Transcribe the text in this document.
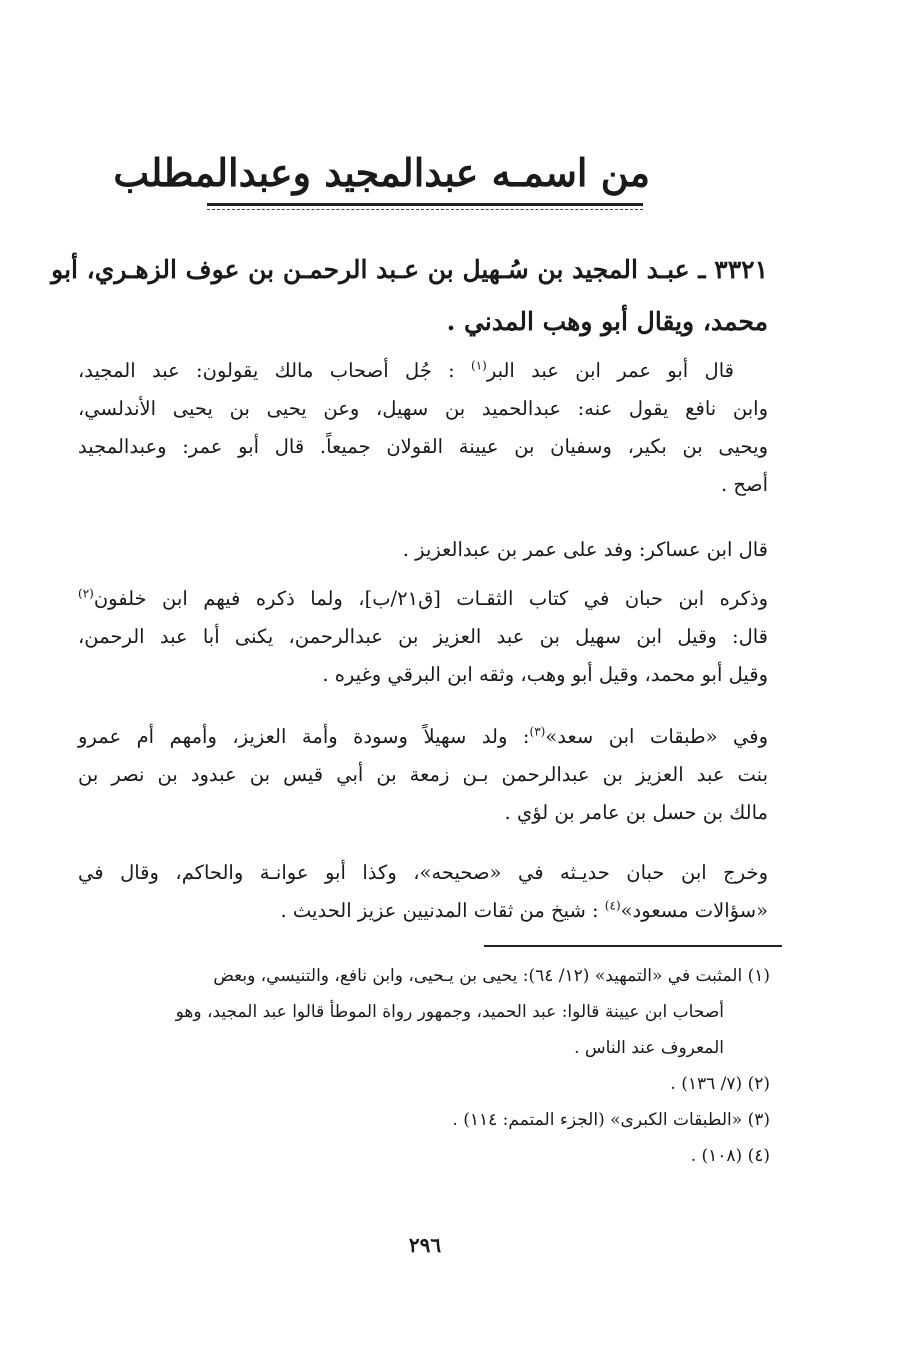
من اسمـه عبدالمجيد وعبدالمطلب
٣٣٢١ ـ عبـد المجيد بن سُـهيل بن عـبد الرحمـن بن عوف الزهـري، أبو
محمد، ويقال أبو وهب المدني .
قال أبو عمر ابن عبد البر$^{(١)}$ : جُل أصحاب مالك يقولون: عبد المجيد،
وابن نافع يقول عنه: عبدالحميد بن سهيل، وعن يحيى بن يحيى الأندلسي،
ويحيى بن بكير، وسفيان بن عيينة القولان جميعاً. قال أبو عمر: وعبدالمجيد
أصح .
قال ابن عساكر: وفد على عمر بن عبدالعزيز .
وذكره ابن حبان في كتاب الثقـات [ق٢١/ب]، ولما ذكره فيهم ابن خلفون$^{(٢)}$
قال: وقيل ابن سهيل بن عبد العزيز بن عبدالرحمن، يكنى أبا عبد الرحمن،
وقيل أبو محمد، وقيل أبو وهب، وثقه ابن البرقي وغيره .
وفي «طبقات ابن سعد»$^{(٣)}$: ولد سهيلاً وسودة وأمة العزيز، وأمهم أم عمرو
بنت عبد العزيز بن عبدالرحمن بـن زمعة بن أبي قيس بن عبدود بن نصر بن
مالك بن حسل بن عامر بن لؤي .
وخرج ابن حبان حديـثه في «صحيحه»، وكذا أبو عوانـة والحاكم، وقال في
«سؤالات مسعود»$^{(٤)}$ : شيخ من ثقات المدنيين عزيز الحديث .
(١) المثبت في «التمهيد» (١٢/ ٦٤): يحيى بن يـحيى، وابن نافع، والتنيسي، وبعض
أصحاب ابن عيينة قالوا: عبد الحميد، وجمهور رواة الموطأ قالوا عبد المجيد، وهو
المعروف عند الناس .
(٢) (٧/ ١٣٦) .
(٣) «الطبقات الكبرى» (الجزء المتمم: ١١٤) .
(٤) (١٠٨) .
٢٩٦
